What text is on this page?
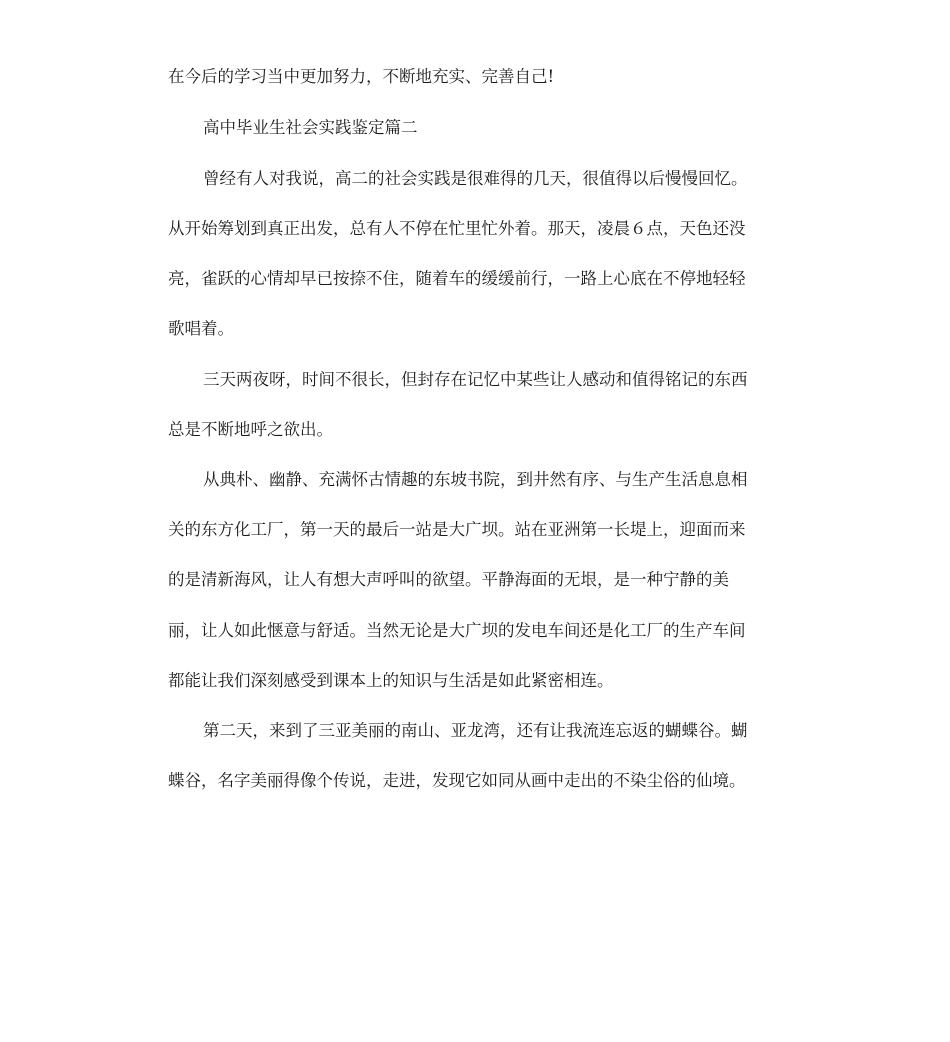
在今后的学习当中更加努力，不断地充实、完善自己!
高中毕业生社会实践鉴定篇二
曾经有人对我说，高二的社会实践是很难得的几天，很值得以后慢慢回忆。
从开始筹划到真正出发，总有人不停在忙里忙外着。那天，凌晨６点，天色还没
亮，雀跃的心情却早已按捺不住，随着车的缓缓前行，一路上心底在不停地轻轻
歌唱着。
三天两夜呀，时间不很长，但封存在记忆中某些让人感动和值得铭记的东西
总是不断地呼之欲出。
从典朴、幽静、充满怀古情趣的东坡书院，到井然有序、与生产生活息息相
关的东方化工厂，第一天的最后一站是大广坝。站在亚洲第一长堤上，迎面而来
的是清新海风，让人有想大声呼叫的欲望。平静海面的无垠，是一种宁静的美
丽，让人如此惬意与舒适。当然无论是大广坝的发电车间还是化工厂的生产车间
都能让我们深刻感受到课本上的知识与生活是如此紧密相连。
第二天，来到了三亚美丽的南山、亚龙湾，还有让我流连忘返的蝴蝶谷。蝴
蝶谷，名字美丽得像个传说，走进，发现它如同从画中走出的不染尘俗的仙境。
